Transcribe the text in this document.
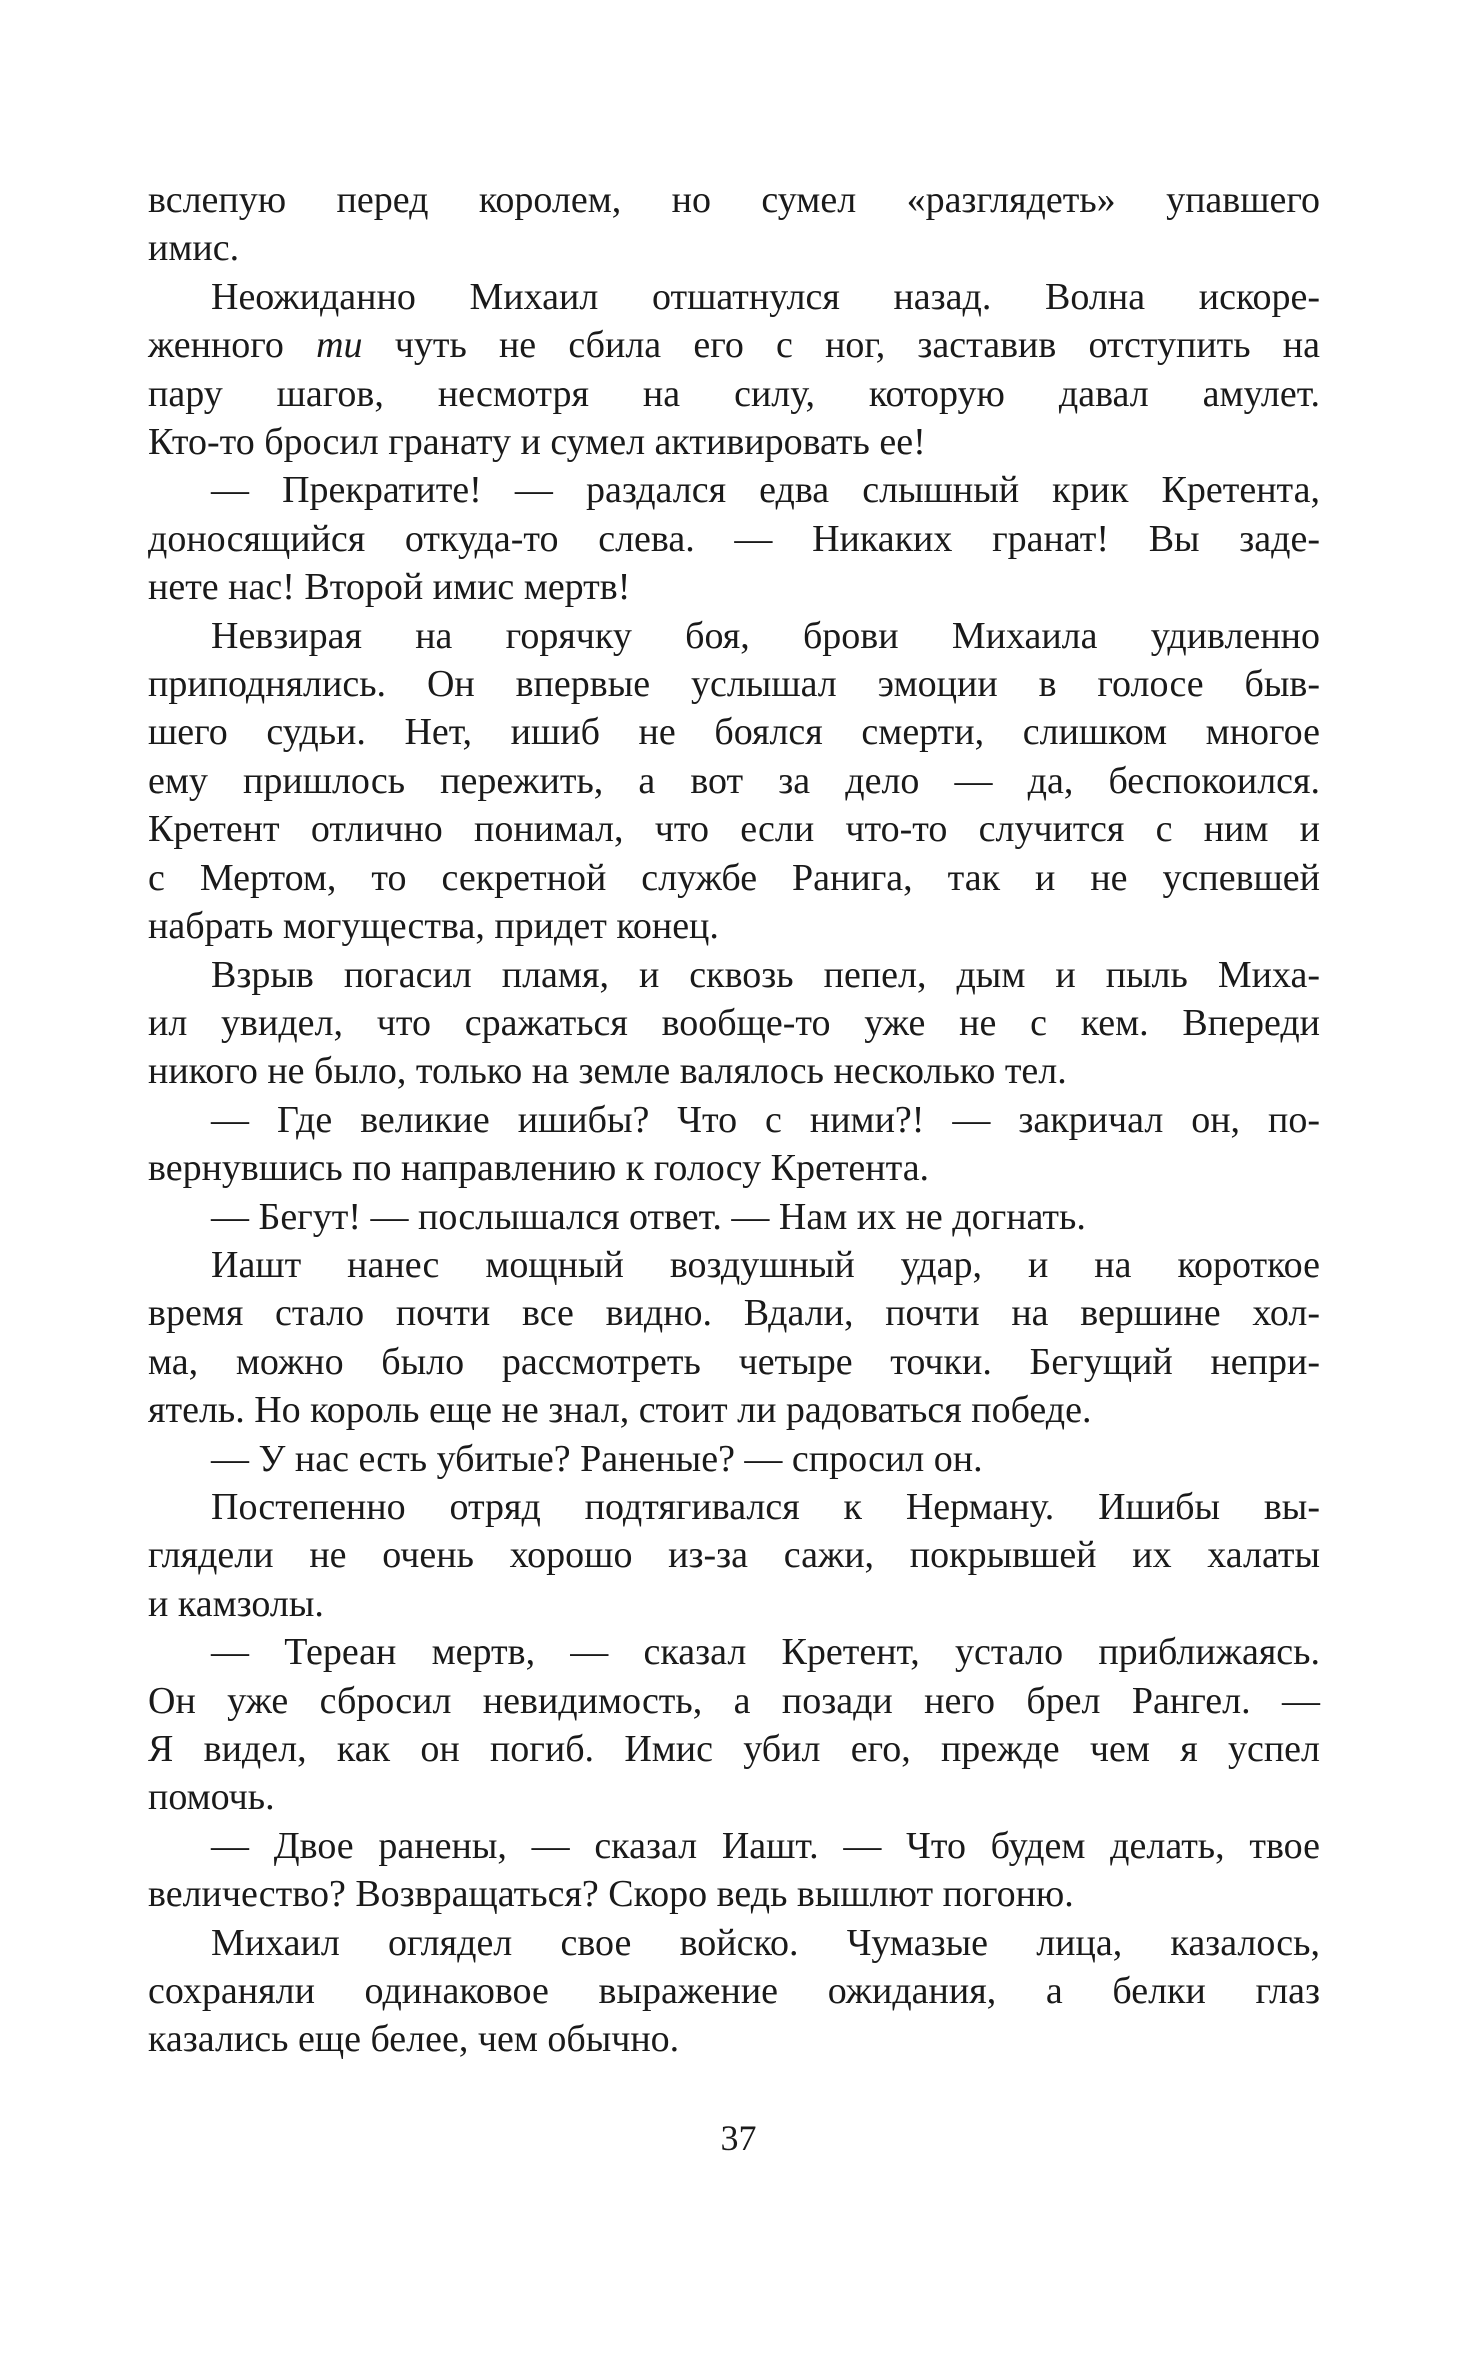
вслепую перед королем, но сумел «разглядеть» упавшего
имис.

Неожиданно Михаил отшатнулся назад. Волна искоре-
женного ти чуть не сбила его с ног, заставив отступить на
пару шагов, несмотря на силу, которую давал амулет.
Кто-то бросил гранату и сумел активировать ее!

— Прекратите! — раздался едва слышный крик Кретента,
доносящийся откуда-то слева. — Никаких гранат! Вы заде-
нете нас! Второй имис мертв!

Невзирая на горячку боя, брови Михаила удивленно
приподнялись. Он впервые услышал эмоции в голосе быв-
шего судьи. Нет, ишиб не боялся смерти, слишком многое
ему пришлось пережить, а вот за дело — да, беспокоился.
Кретент отлично понимал, что если что-то случится с ним и
с Мертом, то секретной службе Ранига, так и не успевшей
набрать могущества, придет конец.

Взрыв погасил пламя, и сквозь пепел, дым и пыль Миха-
ил увидел, что сражаться вообще-то уже не с кем. Впереди
никого не было, только на земле валялось несколько тел.

— Где великие ишибы? Что с ними?! — закричал он, по-
вернувшись по направлению к голосу Кретента.

— Бегут! — послышался ответ. — Нам их не догнать.

Иашт нанес мощный воздушный удар, и на короткое
время стало почти все видно. Вдали, почти на вершине хол-
ма, можно было рассмотреть четыре точки. Бегущий непри-
ятель. Но король еще не знал, стоит ли радоваться победе.

— У нас есть убитые? Раненые? — спросил он.

Постепенно отряд подтягивался к Нерману. Ишибы вы-
глядели не очень хорошо из-за сажи, покрывшей их халаты
и камзолы.

— Тереан мертв, — сказал Кретент, устало приближаясь.
Он уже сбросил невидимость, а позади него брел Рангел. —
Я видел, как он погиб. Имис убил его, прежде чем я успел
помочь.

— Двое ранены, — сказал Иашт. — Что будем делать, твое
величество? Возвращаться? Скоро ведь вышлют погоню.

Михаил оглядел свое войско. Чумазые лица, казалось,
сохраняли одинаковое выражение ожидания, а белки глаз
казались еще белее, чем обычно.

37
